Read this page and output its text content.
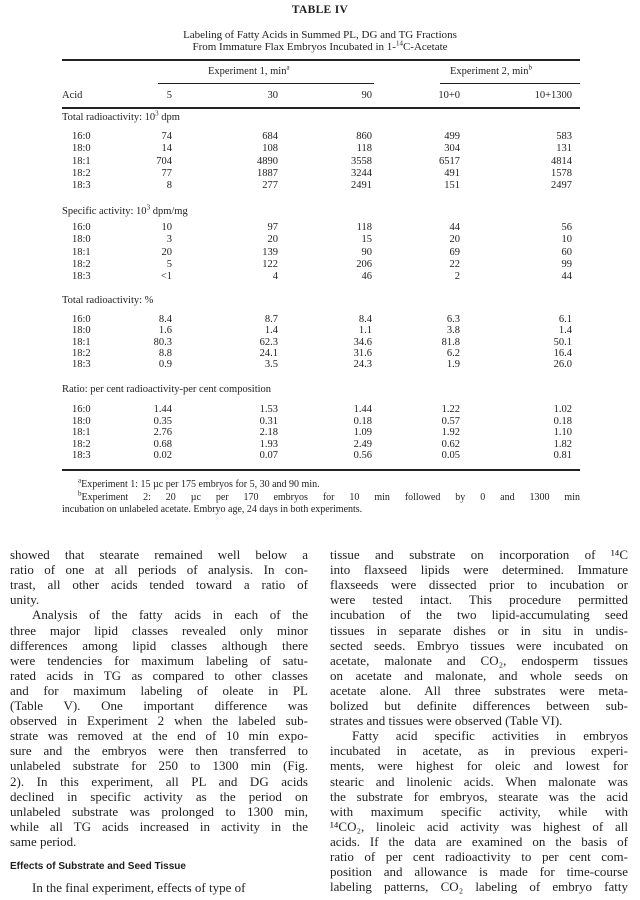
TABLE IV
Labeling of Fatty Acids in Summed PL, DG and TG Fractions
From Immature Flax Embryos Incubated in 1-$^{14}$C-Acetate
Experiment 1, $\min^a$	Experiment 2, $\min^b$
Acid	5	30	90	10+0	10+1300
Total radioactivity: $10^3$ dpm
16:0	74	684	860	499	583
18:0	14	108	118	304	131
18:1	704	4890	3558	6517	4814
18:2	77	1887	3244	491	1578
18:3	8	277	2491	151	2497
Specific activity: $10^3$ dpm/mg
16:0	10	97	118	44	56
18:0	3	20	15	20	10
18:1	20	139	90	69	60
18:2	5	122	206	22	99
18:3	<1	4	46	2	44
Total radioactivity: %
16:0	8.4	8.7	8.4	6.3	6.1
18:0	1.6	1.4	1.1	3.8	1.4
18:1	80.3	62.3	34.6	81.8	50.1
18:2	8.8	24.1	31.6	6.2	16.4
18:3	0.9	3.5	24.3	1.9	26.0
Ratio: per cent radioactivity-per cent composition
16:0	1.44	1.53	1.44	1.22	1.02
18:0	0.35	0.31	0.18	0.57	0.18
18:1	2.76	2.18	1.09	1.92	1.10
18:2	0.68	1.93	2.49	0.62	1.82
18:3	0.02	0.07	0.56	0.05	0.81
$^a$Experiment 1: 15 µc per 175 embryos for 5, 30 and 90 min.
$^b$Experiment 2: 20 µc per 170 embryos for 10 min followed by 0 and 1300 min
incubation on unlabeled acetate. Embryo age, 24 days in both experiments.
showed that stearate remained well below a
ratio of one at all periods of analysis. In con-
trast, all other acids tended toward a ratio of
unity.
Analysis of the fatty acids in each of the
three major lipid classes revealed only minor
differences among lipid classes although there
were tendencies for maximum labeling of satu-
rated acids in TG as compared to other classes
and for maximum labeling of oleate in PL
(Table V). One important difference was
observed in Experiment 2 when the labeled sub-
strate was removed at the end of 10 min expo-
sure and the embryos were then transferred to
unlabeled substrate for 250 to 1300 min (Fig.
2). In this experiment, all PL and DG acids
declined in specific activity as the period on
unlabeled substrate was prolonged to 1300 min,
while all TG acids increased in activity in the
same period.
Effects of Substrate and Seed Tissue
In the final experiment, effects of type of
tissue and substrate on incorporation of ¹⁴C
into flaxseed lipids were determined. Immature
flaxseeds were dissected prior to incubation or
were tested intact. This procedure permitted
incubation of the two lipid-accumulating seed
tissues in separate dishes or in situ in undis-
sected seeds. Embryo tissues were incubated on
acetate, malonate and CO₂, endosperm tissues
on acetate and malonate, and whole seeds on
acetate alone. All three substrates were meta-
bolized but definite differences between sub-
strates and tissues were observed (Table VI).
Fatty acid specific activities in embryos
incubated in acetate, as in previous experi-
ments, were highest for oleic and lowest for
stearic and linolenic acids. When malonate was
the substrate for embryos, stearate was the acid
with maximum specific activity, while with
¹⁴CO₂, linoleic acid activity was highest of all
acids. If the data are examined on the basis of
ratio of per cent radioactivity to per cent com-
position and allowance is made for time-course
labeling patterns, CO₂ labeling of embryo fatty
